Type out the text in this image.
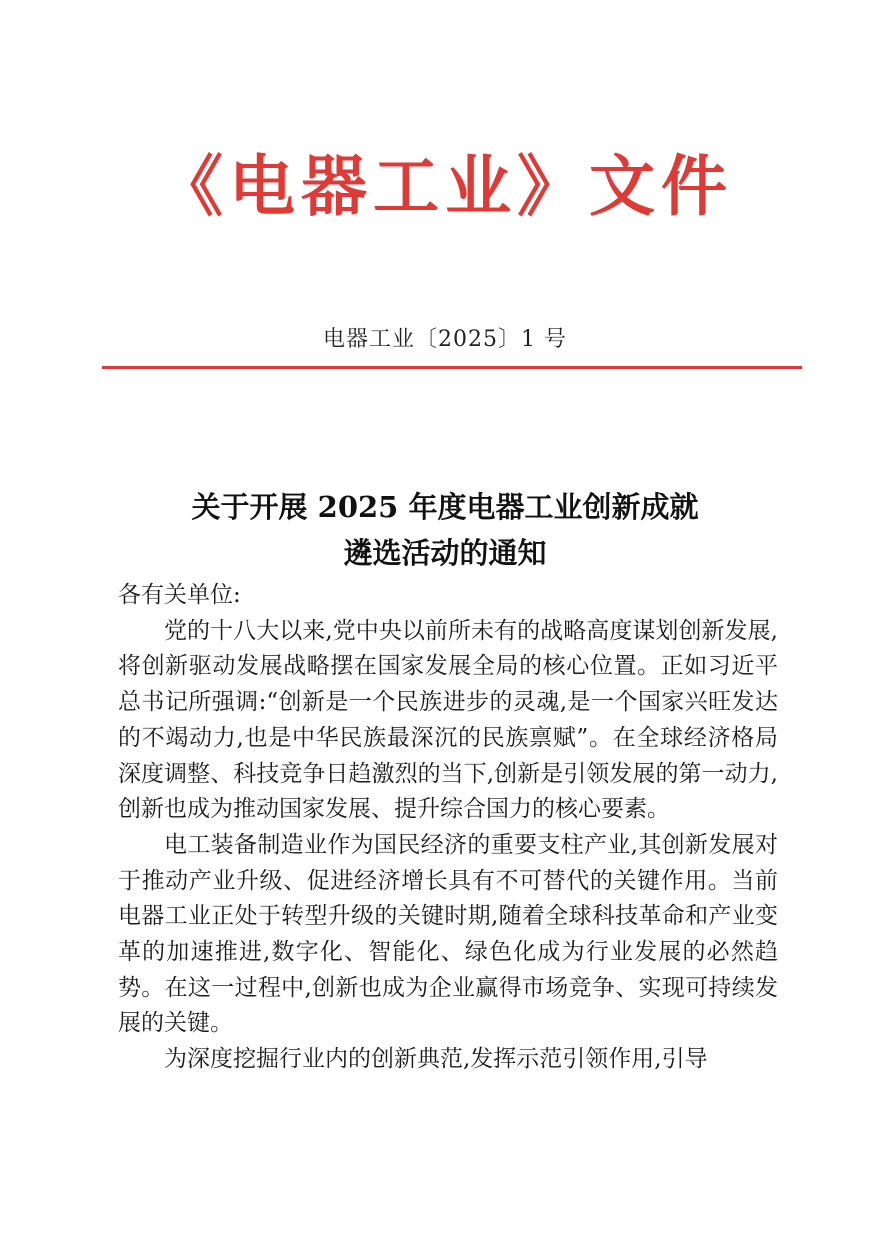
《电器工业》文件
电器工业〔2025〕1 号
关于开展 2025 年度电器工业创新成就
遴选活动的通知

各有关单位:

党的十八大以来,党中央以前所未有的战略高度谋划创新发展,将创新驱动发展战略摆在国家发展全局的核心位置。正如习近平总书记所强调:“创新是一个民族进步的灵魂,是一个国家兴旺发达的不竭动力,也是中华民族最深沉的民族禀赋”。在全球经济格局深度调整、科技竞争日趋激烈的当下,创新是引领发展的第一动力,创新也成为推动国家发展、提升综合国力的核心要素。

电工装备制造业作为国民经济的重要支柱产业,其创新发展对于推动产业升级、促进经济增长具有不可替代的关键作用。当前电器工业正处于转型升级的关键时期,随着全球科技革命和产业变革的加速推进,数字化、智能化、绿色化成为行业发展的必然趋势。在这一过程中,创新也成为企业赢得市场竞争、实现可持续发展的关键。

为深度挖掘行业内的创新典范,发挥示范引领作用,引导
